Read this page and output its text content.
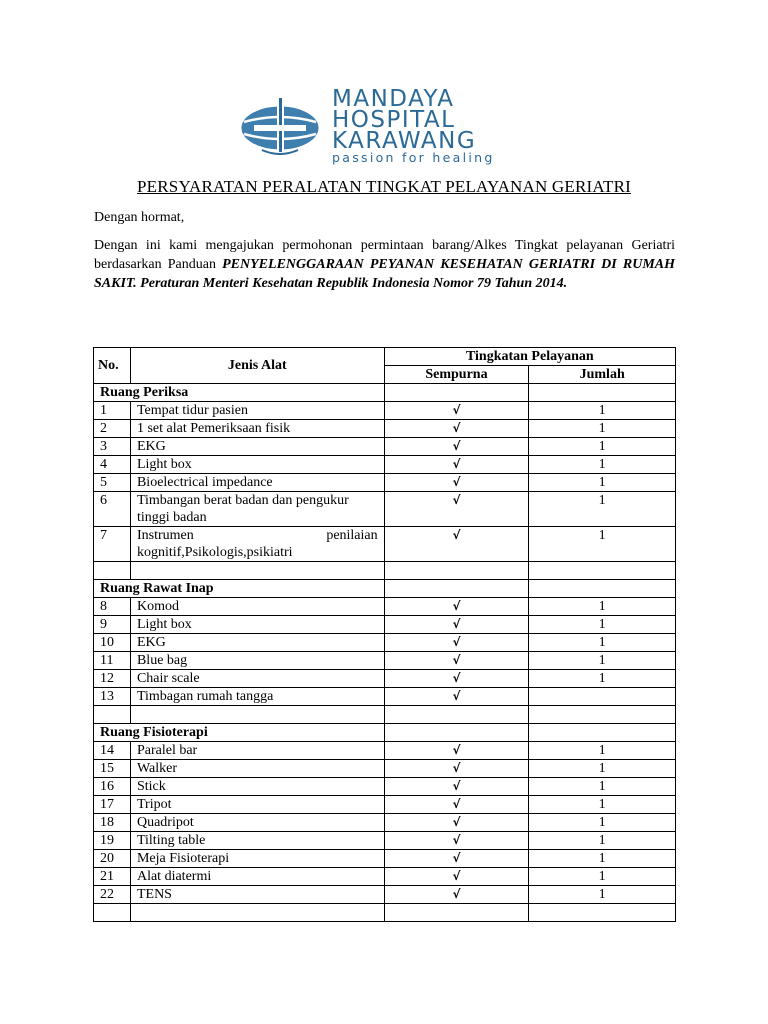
MANDAYA
HOSPITAL
KARAWANG
passion for healing
PERSYARATAN PERALATAN TINGKAT PELAYANAN GERIATRI
Dengan hormat,
Dengan ini kami mengajukan permohonan permintaan barang/Alkes Tingkat pelayanan Geriatri berdasarkan Panduan PENYELENGGARAAN PEYANAN KESEHATAN GERIATRI DI RUMAH SAKIT. Peraturan Menteri Kesehatan Republik Indonesia Nomor 79 Tahun 2014.
No.	Jenis Alat	Tingkatan Pelayanan	
		Sempurna	Jumlah
Ruang Periksa			
1	Tempat tidur pasien	√	1
2	1 set alat Pemeriksaan fisik	√	1
3	EKG	√	1
4	Light box	√	1
5	Bioelectrical impedance	√	1
6	Timbangan berat badan dan pengukur
tinggi badan	√	1
7	Instrumen penilaian
kognitif,Psikologis,psikiatri	√	1

Ruang Rawat Inap			
8	Komod	√	1
9	Light box	√	1
10	EKG	√	1
11	Blue bag	√	1
12	Chair scale	√	1
13	Timbagan rumah tangga	√	

Ruang Fisioterapi			
14	Paralel bar	√	1
15	Walker	√	1
16	Stick	√	1
17	Tripot	√	1
18	Quadripot	√	1
19	Tilting table	√	1
20	Meja Fisioterapi	√	1
21	Alat diatermi	√	1
22	TENS	√	1
